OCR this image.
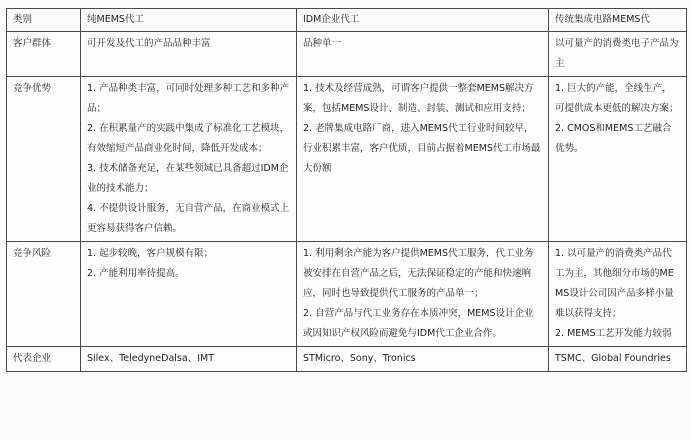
类别	纯MEMS代工	IDM企业代工	传统集成电路MEMS代
客户群体	可开发及代工的产品品种丰富	品种单一	以可量产的消费类电子产品为主

竞争优势	1. 产品种类丰富，可同时处理多种工艺和多种产品；
2. 在积累量产的实践中集成了标准化工艺模块，有效缩短产品商业化时间，降低开发成本；
3. 技术储备充足，在某些领域已具备超过IDM企业的技术能力；
4. 不提供设计服务，无自营产品，在商业模式上更容易获得客户信赖。	1. 技术及经营成熟，可谓客户提供一整套MEMS解决方案，包括MEMS设计、制造、封装、测试和应用支持；
2. 老牌集成电路厂商，进入MEMS代工行业时间较早，行业积累丰富，客户优质，目前占据着MEMS代工市场最大份额	1. 巨大的产能，全线生产，可提供成本更低的解决方案；
2. CMOS和MEMS工艺融合优势。

竞争风险	1. 起步较晚，客户规模有限；
2. 产能利用率待提高。	1. 利用剩余产能为客户提供MEMS代工服务，代工业务被安排在自营产品之后，无法保证稳定的产能和快速响应，同时也导致提供代工服务的产品单一；
2. 自营产品与代工业务存在本质冲突，MEMS设计企业或因知识产权风险而避免与IDM代工企业合作。	1. 以可量产的消费类产品代工为主，其他细分市场的MEMS设计公司因产品多样小量难以获得支持；
2. MEMS工艺开发能力较弱

代表企业	Silex、TeledyneDalsa、IMT	STMicro、Sony、Tronics	TSMC、Global Foundries
